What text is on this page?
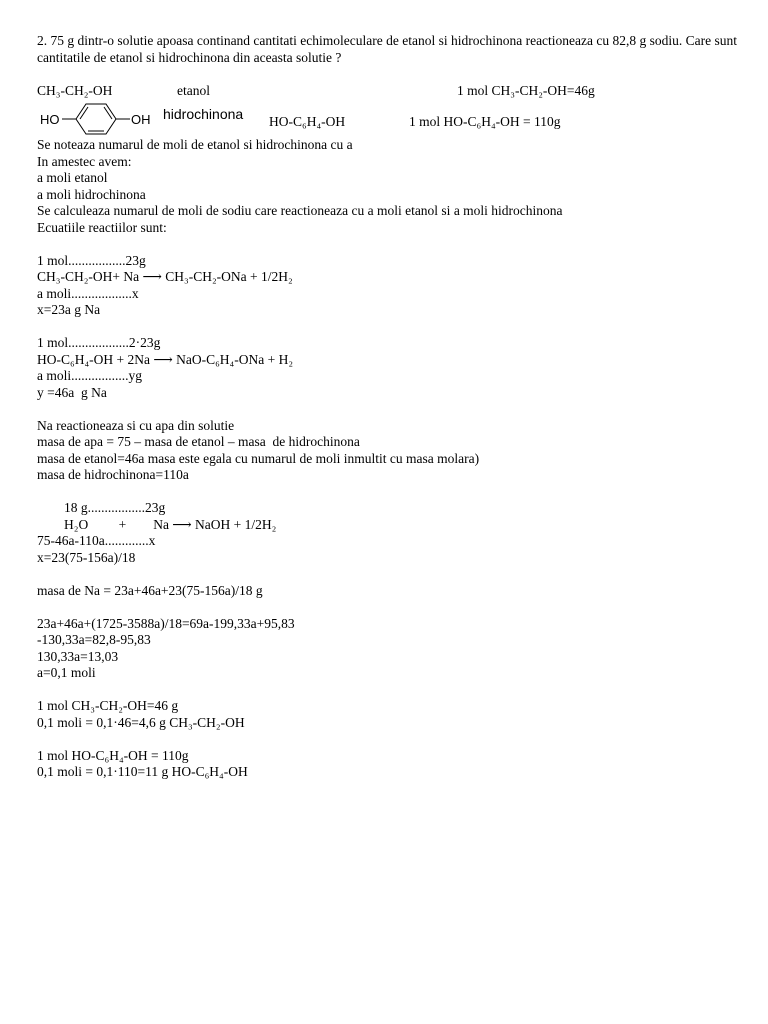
2. 75 g dintr-o solutie apoasa continand cantitati echimoleculare de etanol si hidrochinona reactioneaza cu 82,8 g sodiu. Care sunt cantitatile de etanol si hidrochinona din aceasta solutie ?
CH₃-CH₂-OH	etanol	1 mol CH₃-CH₂-OH=46g
HO	OH hidrochinona HO-C₆H₄-OH	1 mol HO-C₆H₄-OH = 110g
Se noteaza numarul de moli de etanol si hidrochinona cu a
In amestec avem:
a moli etanol
a moli hidrochinona
Se calculeaza numarul de moli de sodiu care reactioneaza cu a moli etanol si a moli hidrochinona
Ecuatiile reactiilor sunt:
1 mol.................23g
CH₃-CH₂-OH+ Na ⟶ CH₃-CH₂-ONa + 1/2H₂
a moli..................x
x=23a g Na
1 mol..................2·23g
HO-C₆H₄-OH + 2Na ⟶ NaO-C₆H₄-ONa + H₂
a moli.................yg
y =46a  g Na
Na reactioneaza si cu apa din solutie
masa de apa = 75 – masa de etanol – masa  de hidrochinona
masa de etanol=46a masa este egala cu numarul de moli inmultit cu masa molara)
masa de hidrochinona=110a
18 g.................23g
H₂O         +        Na ⟶ NaOH + 1/2H₂
75-46a-110a.............x
x=23(75-156a)/18
masa de Na = 23a+46a+23(75-156a)/18 g
23a+46a+(1725-3588a)/18=69a-199,33a+95,83
-130,33a=82,8-95,83
130,33a=13,03
a=0,1 moli
1 mol CH₃-CH₂-OH=46 g
0,1 moli = 0,1·46=4,6 g CH₃-CH₂-OH
1 mol HO-C₆H₄-OH = 110g
0,1 moli = 0,1·110=11 g HO-C₆H₄-OH
